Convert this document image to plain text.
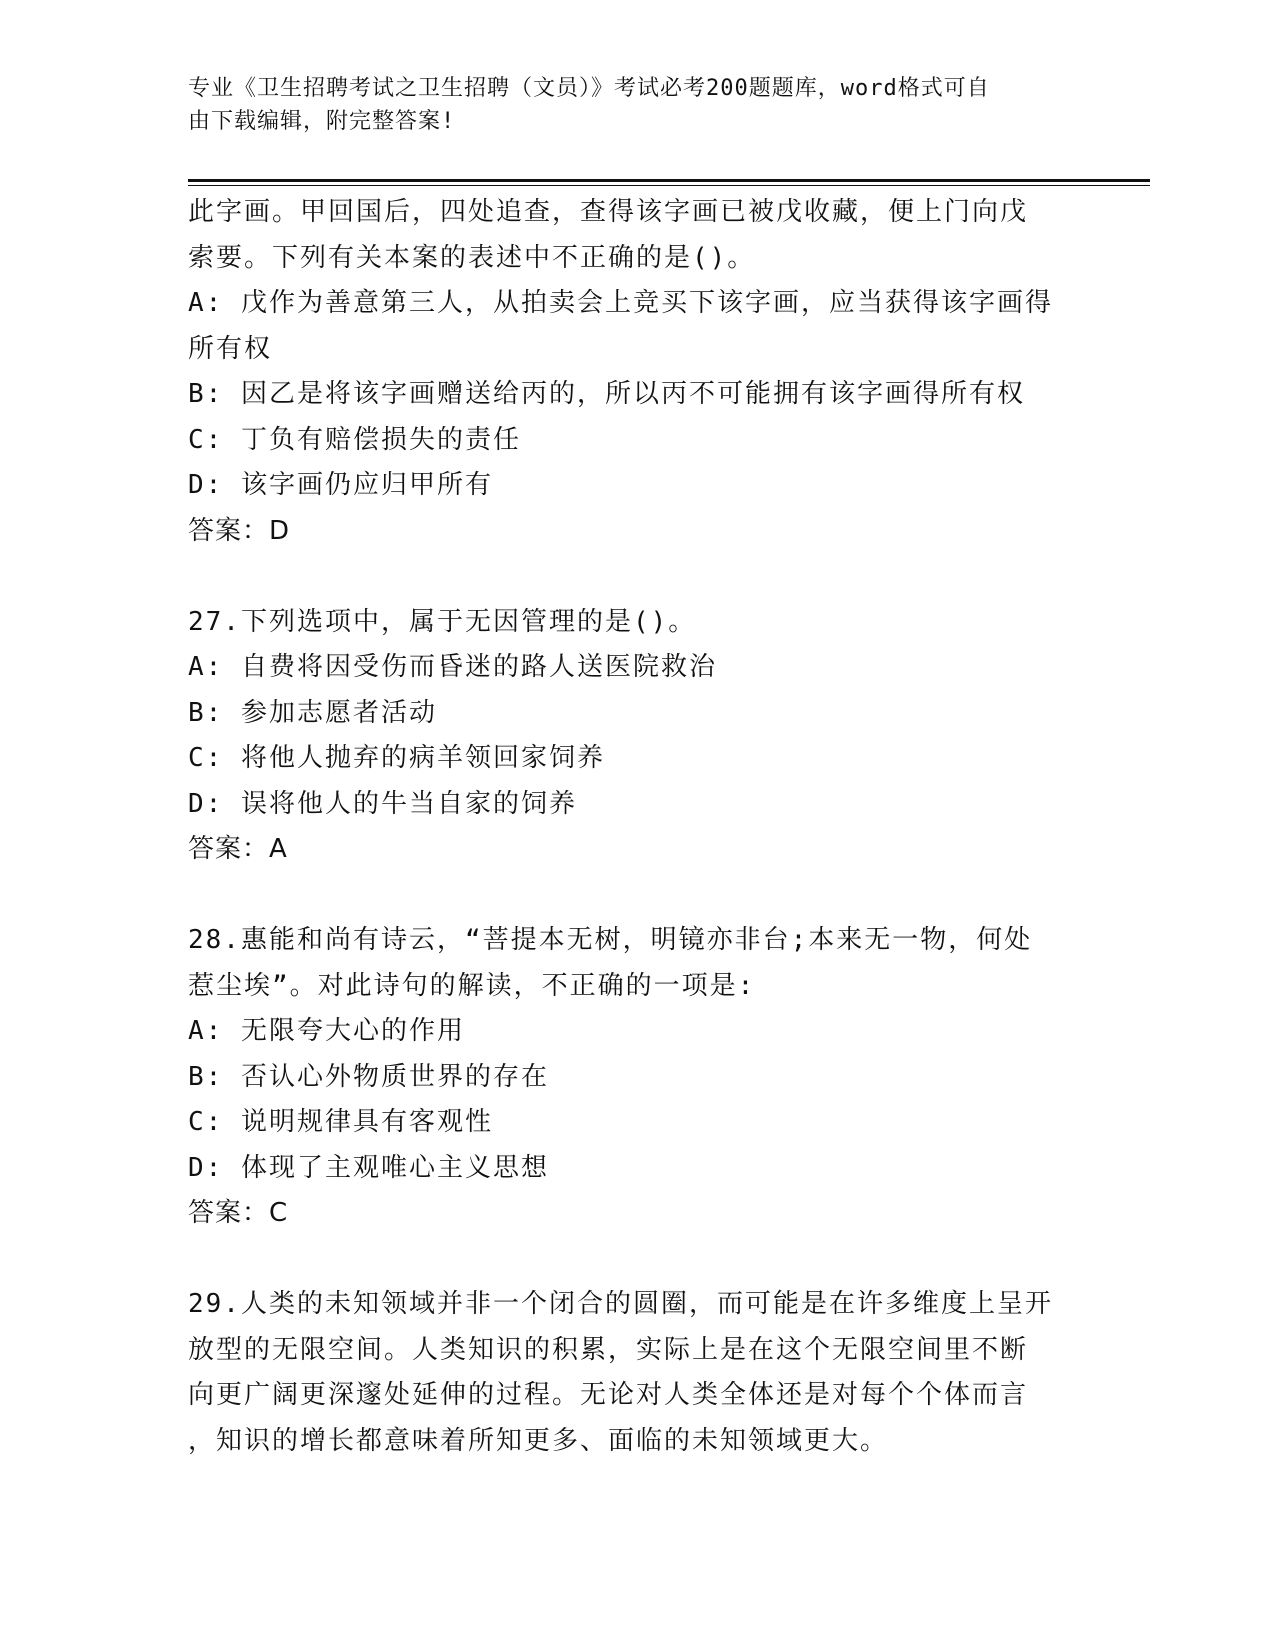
专业《卫生招聘考试之卫生招聘（文员）》考试必考200题题库，word格式可自
由下载编辑，附完整答案!
此字画。甲回国后，四处追查，查得该字画已被戊收藏，便上门向戊
索要。下列有关本案的表述中不正确的是()。
A: 戊作为善意第三人，从拍卖会上竞买下该字画，应当获得该字画得
所有权
B: 因乙是将该字画赠送给丙的，所以丙不可能拥有该字画得所有权
C: 丁负有赔偿损失的责任
D: 该字画仍应归甲所有
答案：D
27.下列选项中，属于无因管理的是()。
A: 自费将因受伤而昏迷的路人送医院救治
B: 参加志愿者活动
C: 将他人抛弃的病羊领回家饲养
D: 误将他人的牛当自家的饲养
答案：A
28.惠能和尚有诗云，“菩提本无树，明镜亦非台;本来无一物，何处
惹尘埃”。对此诗句的解读，不正确的一项是:
A: 无限夸大心的作用
B: 否认心外物质世界的存在
C: 说明规律具有客观性
D: 体现了主观唯心主义思想
答案：C
29.人类的未知领域并非一个闭合的圆圈，而可能是在许多维度上呈开
放型的无限空间。人类知识的积累，实际上是在这个无限空间里不断
向更广阔更深邃处延伸的过程。无论对人类全体还是对每个个体而言
，知识的增长都意味着所知更多、面临的未知领域更大。
